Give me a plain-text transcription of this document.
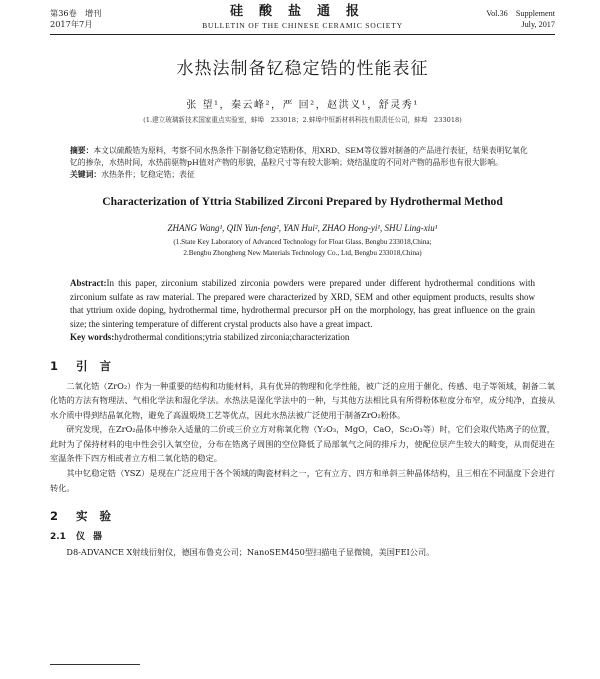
第36卷　增刊
2017年7月
硅酸盐通报
BULLETIN OF THE CHINESE CERAMIC SOCIETY
Vol.36　Supplement
July, 2017
水热法制备钇稳定锆的性能表征
张 望¹，秦云峰²，严 回²，赵洪义¹，舒灵秀¹
(1.建立玻璃新技术国家重点实验室，蚌埠　233018；2.蚌埠中恒新材料科技有限责任公司，蚌埠　233018)

摘要：本文以硫酸锆为原料，考察不同水热条件下制备钇稳定锆粉体，用XRD、SEM等仪器对制备的产品进行表征，结果表明钇氧化钇的掺杂，水热时间，水热前驱物pH值对产物的形貌，晶粒尺寸等有较大影响；烧结温度的不同对产物的晶形也有很大影响。

关键词：水热条件；钇稳定锆；表征

Characterization of Yttria Stabilized Zirconi Prepared by Hydrothermal Method
ZHANG Wang¹, QIN Yun-feng², YAN Hui², ZHAO Hong-yi¹, SHU Ling-xiu¹
(1.State Key Laboratory of Advanced Technology for Float Glass, Bengbu 233018,China;
2.Bengbu Zhongheng New Materials Technology Co., Ltd, Bengbu 233018,China)

Abstract:In this paper, zirconium stabilized zirconia powders were prepared under different hydrothermal conditions with zirconium sulfate as raw material. The prepared were characterized by XRD, SEM and other equipment products, results show that yttrium oxide doping, hydrothermal time, hydrothermal precursor pH on the morphology, has great influence on the grain size; the sintering temperature of different crystal products also have a great impact.

Key words:hydrothermal conditions;ytria stabilized zirconia;characterization

1 引言

二氧化锆（ZrO₂）作为一种重要的结构和功能材料，具有优异的物理和化学性能，被广泛的应用于催化、传感、电子等领域，制备二氧化锆的方法有物理法、气相化学法和湿化学法。水热法是湿化学法中的一种，与其他方法相比具有所得粉体粒度分布窄，成分纯净，直接从水介质中得到结晶氧化物，避免了高温煅烧工艺等优点，因此水热法被广泛使用于制备ZrO₂粉体。

研究发现，在ZrO₂晶体中掺杂入适量的二价或三价立方对称氧化物（Y₂O₃，MgO，CaO，Sc₂O₃等）时，它们会取代锆离子的位置，此时为了保持材料的电中性会引入氧空位，分布在锆离子周围的空位降低了局部氧气之间的排斥力，使配位层产生较大的畸变，从而促进在室温条件下四方相或者立方相二氧化锆的稳定。

其中钇稳定锆（YSZ）是现在广泛应用于各个领域的陶瓷材料之一，它有立方、四方和单斜三种晶体结构，且三相在不同温度下会进行转化。

2 实验
2.1 仪器

D8-ADVANCE X射线衍射仪，德国布鲁克公司；NanoSEM450型扫描电子显微镜，美国FEI公司。
